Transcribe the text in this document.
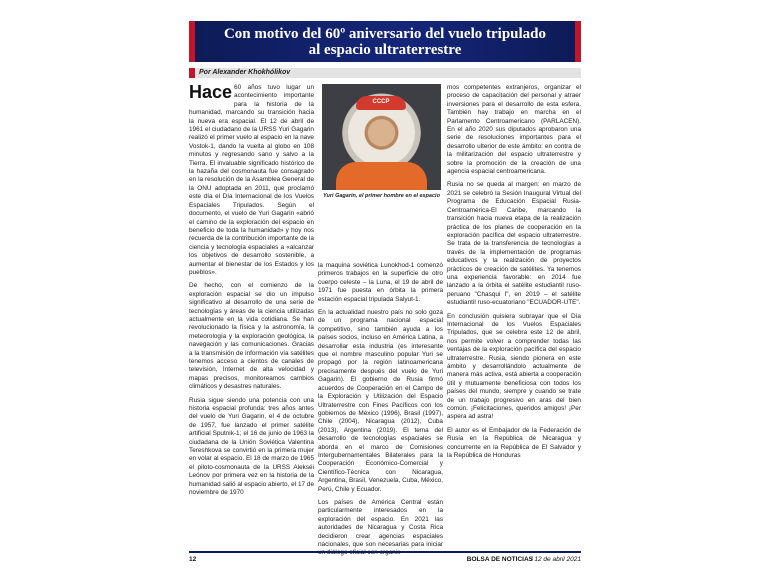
Con motivo del 60º aniversario del vuelo tripulado al espacio ultraterrestre
Por Alexander Khokhólikov

Hace 60 años tuvo lugar un acontecimiento importante para la historia de la humanidad, marcando su transición hacia la nueva era espacial. El 12 de abril de 1961 el ciudadano de la URSS Yuri Gagarin realizó el primer vuelo al espacio en la nave Vostok-1, dando la vuelta al globo en 108 minutos y regresando sano y salvo a la Tierra. El invaluable significado histórico de la hazaña del cosmonauta fue consagrado en la resolución de la Asamblea General de la ONU adoptada en 2011, que proclamó este día el Día Internacional de los Vuelos Espaciales Tripulados. Según el documento, el vuelo de Yuri Gagarin «abrió el camino de la exploración del espacio en beneficio de toda la humanidad» y hoy nos recuerda de la contribución importante de la ciencia y tecnología espaciales a «alcanzar los objetivos de desarrollo sostenible, a aumentar el bienestar de los Estados y los pueblos».

De hecho, con el comienzo de la exploración espacial se dio un impulso significativo al desarrollo de una serie de tecnologías y áreas de la ciencia utilizadas actualmente en la vida cotidiana. Se han revolucionado la física y la astronomía, la meteorología y la exploración geológica, la navegación y las comunicaciones. Gracias a la transmisión de información vía satélites tenemos acceso a cientos de canales de televisión, Internet de alta velocidad y mapas precisos, monitoreamos cambios climáticos y desastres naturales.

Rusia sigue siendo una potencia con una historia espacial profunda: tres años antes del vuelo de Yuri Gagarin, el 4 de octubre de 1957, fue lanzado el primer satélite artificial Sputnik-1; el 16 de junio de 1963 la ciudadana de la Unión Soviética Valentina Tereshkova se convirtió en la primera mujer en volar al espacio. El 18 de marzo de 1965 el piloto-cosmonauta de la URSS Alekséi Leónov por primera vez en la historia de la humanidad salió al espacio abierto, el 17 de noviembre de 1970

CCCP
Yuri Gagarin, el primer hombre en el espacio

la maquina soviética Lunokhod-1 comenzó primeros trabajos en la superficie de otro cuerpo celeste – la Luna, el 19 de abril de 1971 fue puesta en órbita la primera estación espacial tripulada Salyut-1.

En la actualidad nuestro país no solo goza de un programa nacional espacial competitivo, sino también ayuda a los países socios, incluso en América Latina, a desarrollar esta industria (es interesante que el nombre masculino popular Yuri se propagó por la región latinoamericana precisamente después del vuelo de Yuri Gagarin). El gobierno de Rusia firmó acuerdos de Cooperación en el Campo de la Exploración y Utilización del Espacio Ultraterrestre con Fines Pacíficos con los gobiernos de México (1996), Brasil (1997), Chile (2004), Nicaragua (2012), Cuba (2013), Argentina (2019). El tema del desarrollo de tecnologías espaciales se aborda en el marco de Comisiones Intergubernamentales Bilaterales para la Cooperación Económico-Comercial y Científico-Técnica con Nicaragua, Argentina, Brasil, Venezuela, Cuba, México, Perú, Chile y Ecuador.

Los países de América Central están particularmente interesados en la exploración del espacio. En 2021 las autoridades de Nicaragua y Costa Rica decidieron crear agencias espaciales nacionales, que son necesarias para iniciar

mos competentes extranjeros, organizar el proceso de capacitación del personal y atraer inversiones para el desarrollo de esta esfera. También hay trabajo en marcha en el Parlamento Centroamericano (PARLACEN). En el año 2020 sus diputados aprobaron una serie de resoluciones importantes para el desarrollo ulterior de este ámbito: en contra de la militarización del espacio ultraterrestre y sobre la promoción de la creación de una agencia espacial centroamericana.

Rusia no se queda al margen: en marzo de 2021 se celebró la Sesión Inaugural Virtual del Programa de Educación Espacial Rusia-Centroamérica-El Caribe, marcando la transición hacia nueva etapa de la realización práctica de los planes de cooperación en la exploración pacífica del espacio ultraterrestre. Se trata de la transferencia de tecnologías a través de la implementación de programas educativos y la realización de proyectos prácticos de creación de satélites. Ya tenemos una experiencia favorable: en 2014 fue lanzado a la órbita el satélite estudiantil ruso-peruano "Chasqui I", en 2019 – el satélite estudiantil ruso-ecuatoriano "ECUADOR-UTE".

En conclusión quisiera subrayar que el Día Internacional de los Vuelos Espaciales Tripulados, que se celebra este 12 de abril, nos permite volver a comprender todas las ventajas de la exploración pacífica del espacio ultraterrestre. Rusia, siendo pionera en este ámbito y desarrollándolo actualmente de manera más activa, está abierta a cooperación útil y mutuamente beneficiosa con todos los países del mundo, siempre y cuando se trate de un trabajo progresivo en aras del bien común. ¡Felicitaciones, queridos amigos! ¡Per aspera ad astra!

El autor es el Embajador de la Federación de Rusia en la República de Nicaragua y concurrente en la República de El Salvador y la República de Honduras

12	BOLSA DE NOTICIAS
/ 12 de abril 2021
